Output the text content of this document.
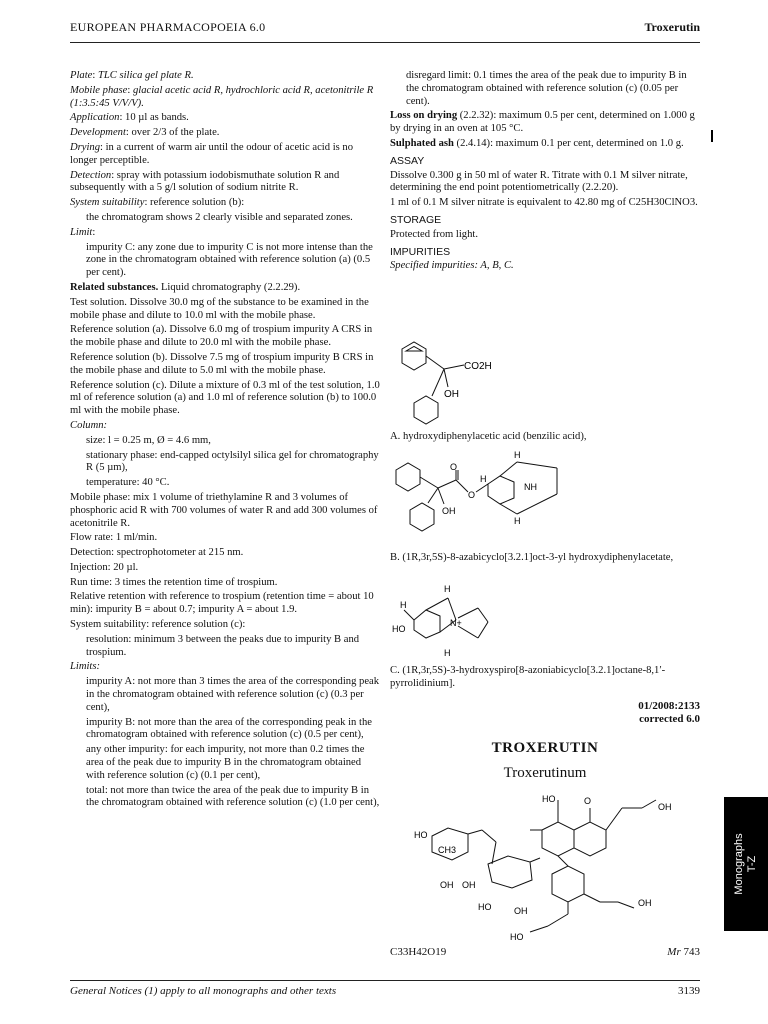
EUROPEAN PHARMACOPOEIA 6.0	Troxerutin

Plate: TLC silica gel plate R.

Mobile phase: glacial acetic acid R, hydrochloric acid R, acetonitrile R (1:3.5:45 V/V/V).

Application: 10 µl as bands.

Development: over 2/3 of the plate.

Drying: in a current of warm air until the odour of acetic acid is no longer perceptible.

Detection: spray with potassium iodobismuthate solution R and subsequently with a 5 g/l solution of sodium nitrite R.

System suitability: reference solution (b):

the chromatogram shows 2 clearly visible and separated zones.

Limit:

impurity C: any zone due to impurity C is not more intense than the zone in the chromatogram obtained with reference solution (a) (0.5 per cent).

Related substances. Liquid chromatography (2.2.29).

Test solution. Dissolve 30.0 mg of the substance to be examined in the mobile phase and dilute to 10.0 ml with the mobile phase.

Reference solution (a). Dissolve 6.0 mg of trospium impurity A CRS in the mobile phase and dilute to 20.0 ml with the mobile phase.

Reference solution (b). Dissolve 7.5 mg of trospium impurity B CRS in the mobile phase and dilute to 5.0 ml with the mobile phase.

Reference solution (c). Dilute a mixture of 0.3 ml of the test solution, 1.0 ml of reference solution (a) and 1.0 ml of reference solution (b) to 100.0 ml with the mobile phase.

Column:

size: l = 0.25 m, Ø = 4.6 mm,

stationary phase: end-capped octylsilyl silica gel for chromatography R (5 µm),

temperature: 40 °C.

Mobile phase: mix 1 volume of triethylamine R and 3 volumes of phosphoric acid R with 700 volumes of water R and add 300 volumes of acetonitrile R.

Flow rate: 1 ml/min.

Detection: spectrophotometer at 215 nm.

Injection: 20 µl.

Run time: 3 times the retention time of trospium.

Relative retention with reference to trospium (retention time = about 10 min): impurity B = about 0.7; impurity A = about 1.9.

System suitability: reference solution (c):

resolution: minimum 3 between the peaks due to impurity B and trospium.

Limits:

impurity A: not more than 3 times the area of the corresponding peak in the chromatogram obtained with reference solution (c) (0.3 per cent),

impurity B: not more than the area of the corresponding peak in the chromatogram obtained with reference solution (c) (0.5 per cent),

any other impurity: for each impurity, not more than 0.2 times the area of the peak due to impurity B in the chromatogram obtained with reference solution (c) (0.1 per cent),

total: not more than twice the area of the peak due to impurity B in the chromatogram obtained with reference solution (c) (1.0 per cent),

disregard limit: 0.1 times the area of the peak due to impurity B in the chromatogram obtained with reference solution (c) (0.05 per cent).

Loss on drying (2.2.32): maximum 0.5 per cent, determined on 1.000 g by drying in an oven at 105 °C.

Sulphated ash (2.4.14): maximum 0.1 per cent, determined on 1.0 g.

ASSAY

Dissolve 0.300 g in 50 ml of water R. Titrate with 0.1 M silver nitrate, determining the end point potentiometrically (2.2.20).

1 ml of 0.1 M silver nitrate is equivalent to 42.80 mg of C25H30ClNO3.

STORAGE

Protected from light.

IMPURITIES

Specified impurities: A, B, C.

CO2H
OH
A. hydroxydiphenylacetic acid (benzilic acid),
O
O
OH
H
H
H
NH
B. (1R,3r,5S)-8-azabicyclo[3.2.1]oct-3-yl hydroxydiphenylacetate,
H
H
H
N+
HO
C. (1R,3r,5S)-3-hydroxyspiro[8-azoniabicyclo[3.2.1]octane-8,1′-pyrrolidinium].
01/2008:2133
corrected 6.0
TROXERUTIN
Troxerutinum
HO
CH3
OH OH
HO	OH
HO
OH
OH
HO
O
C33H42O19	Mr 743
Monographs T-Z
General Notices (1) apply to all monographs and other texts	3139
